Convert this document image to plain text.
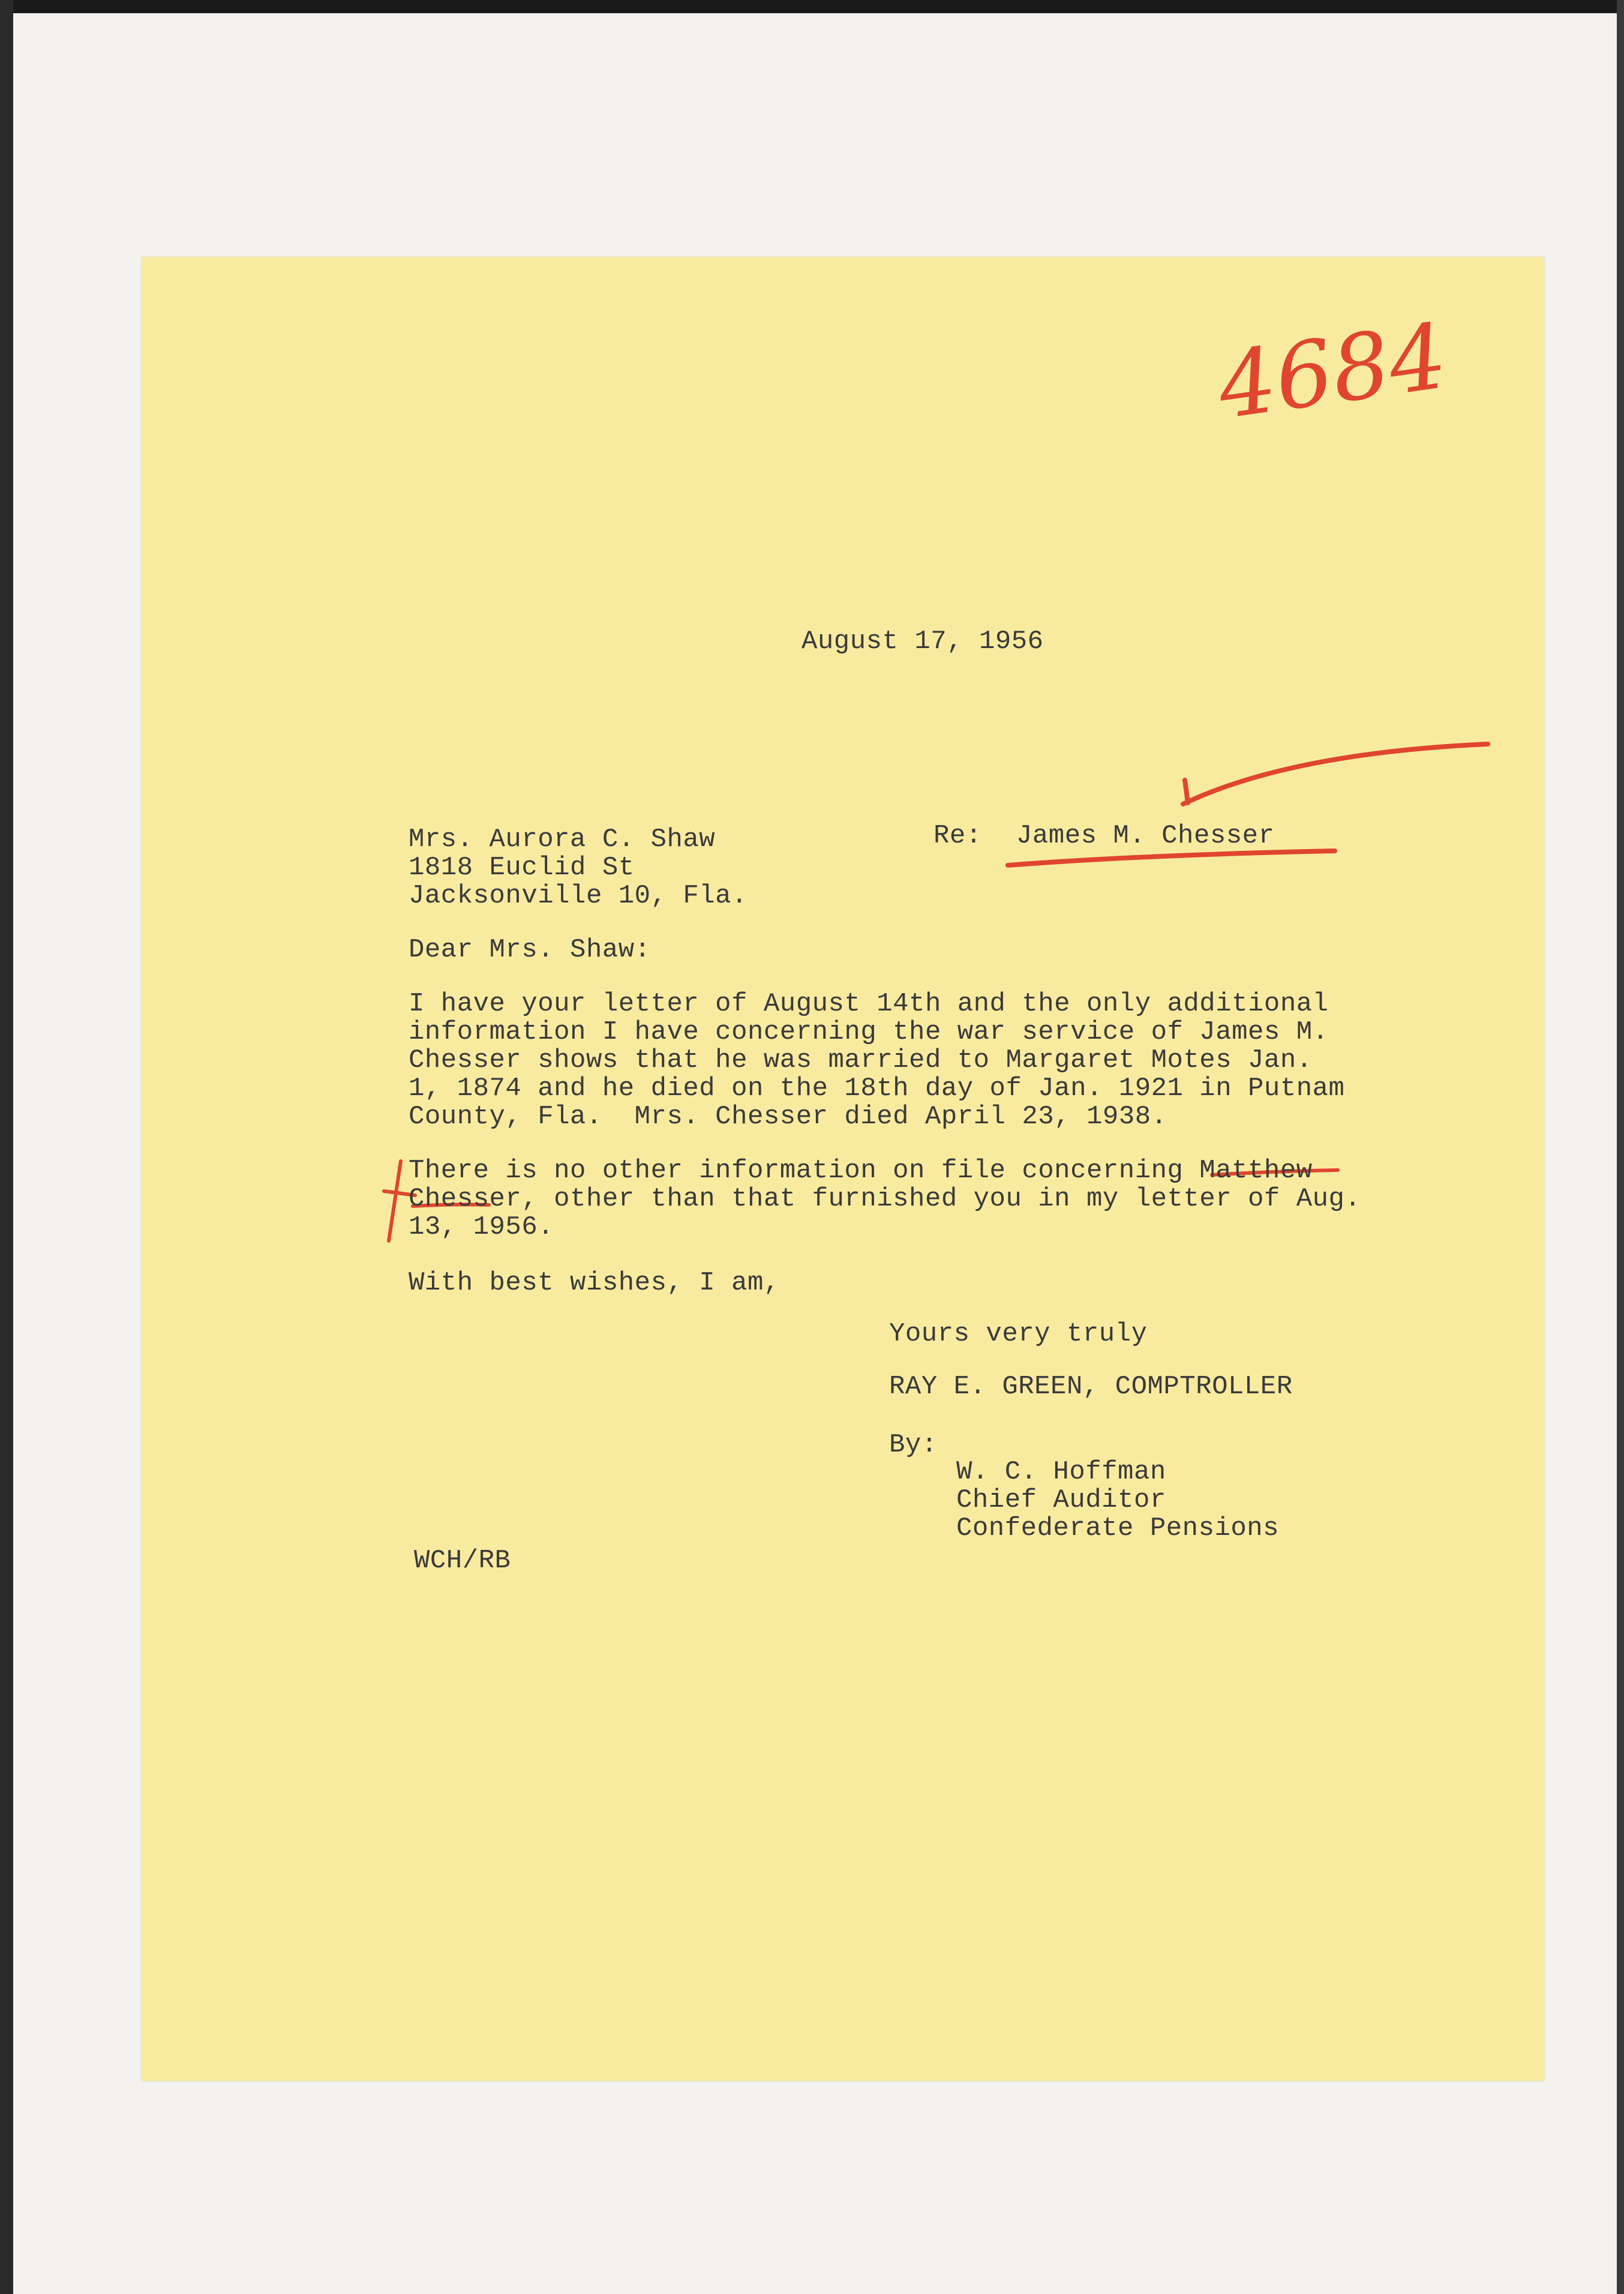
4684
August 17, 1956
Mrs. Aurora C. Shaw
1818 Euclid St
Jacksonville 10, Fla.
Re: James M. Chesser
Dear Mrs. Shaw:
I have your letter of August 14th and the only additional
information I have concerning the war service of James M.
Chesser shows that he was married to Margaret Motes Jan.
1, 1874 and he died on the 18th day of Jan. 1921 in Putnam
County, Fla.  Mrs. Chesser died April 23, 1938.
There is no other information on file concerning Matthew
Chesser, other than that furnished you in my letter of Aug.
13, 1956.
With best wishes, I am,
Yours very truly
RAY E. GREEN, COMPTROLLER
By:
W. C. Hoffman
Chief Auditor
Confederate Pensions
WCH/RB
